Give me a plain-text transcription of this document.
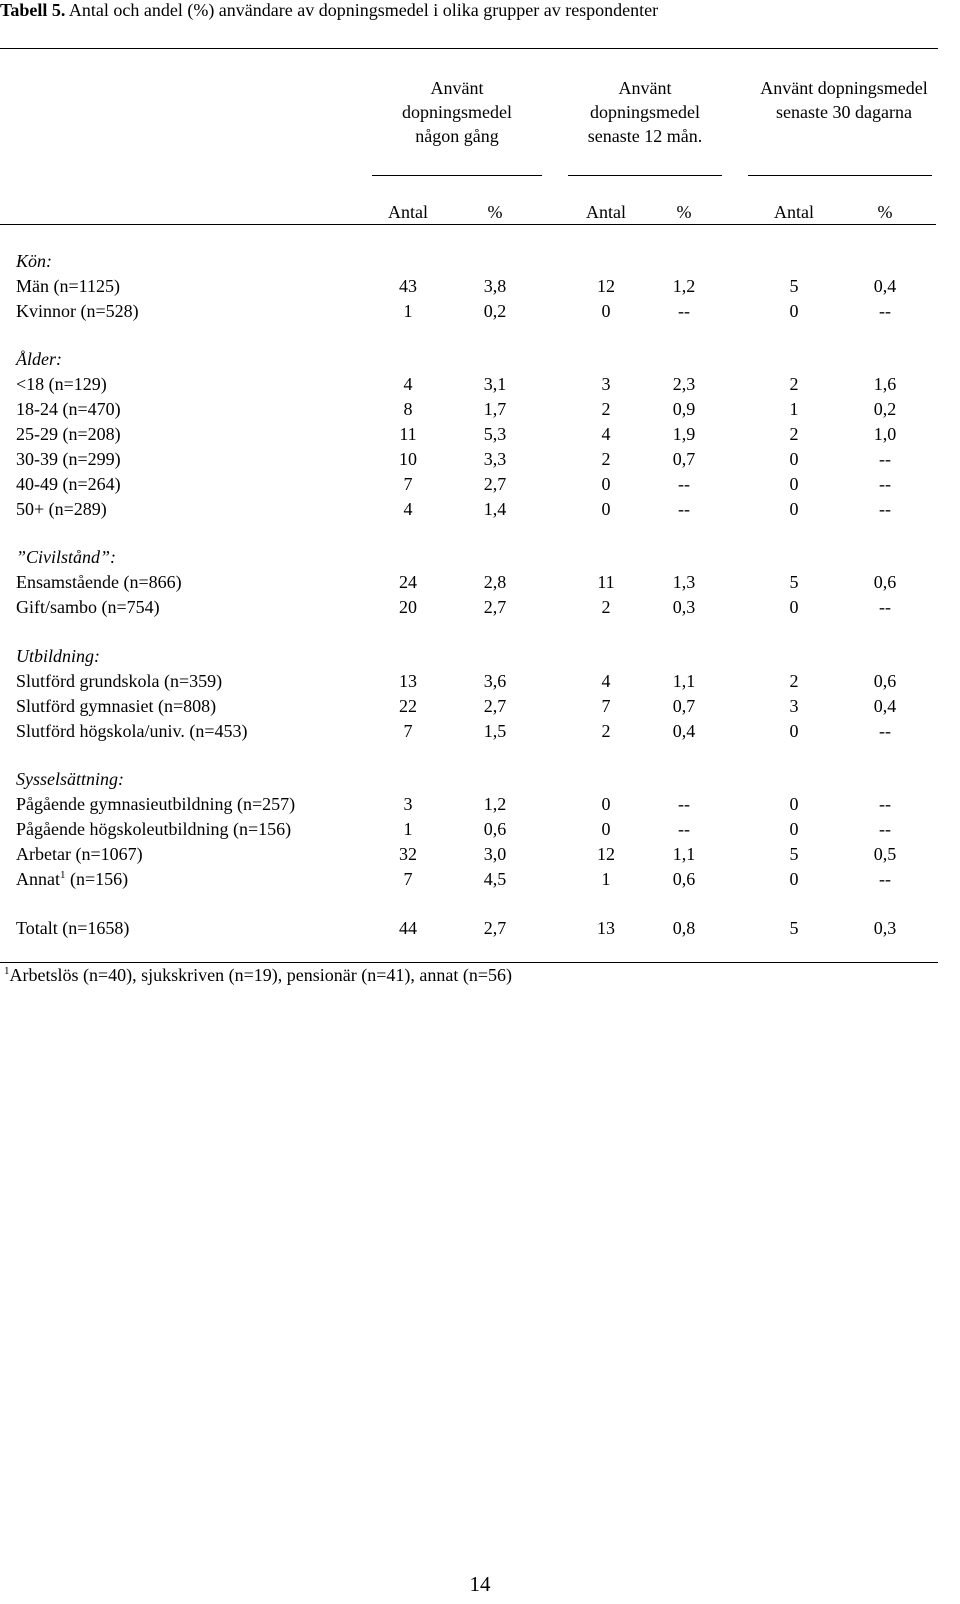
Tabell 5. Antal och andel (%) användare av dopningsmedel i olika grupper av respondenter
Använt dopningsmedel någon gång
Använt dopningsmedel senaste 12 mån.
Använt dopningsmedel senaste 30 dagarna
Antal	%	Antal	%	Antal	%
Kön:
Män (n=1125)	43	3,8	12	1,2	5	0,4
Kvinnor (n=528)	1	0,2	0	--	0	--
Ålder:
<18 (n=129)	4	3,1	3	2,3	2	1,6
18-24 (n=470)	8	1,7	2	0,9	1	0,2
25-29 (n=208)	11	5,3	4	1,9	2	1,0
30-39 (n=299)	10	3,3	2	0,7	0	--
40-49 (n=264)	7	2,7	0	--	0	--
50+ (n=289)	4	1,4	0	--	0	--
”Civilstånd”:
Ensamstående (n=866)	24	2,8	11	1,3	5	0,6
Gift/sambo (n=754)	20	2,7	2	0,3	0	--
Utbildning:
Slutförd grundskola (n=359)	13	3,6	4	1,1	2	0,6
Slutförd gymnasiet (n=808)	22	2,7	7	0,7	3	0,4
Slutförd högskola/univ. (n=453)	7	1,5	2	0,4	0	--
Sysselsättning:
Pågående gymnasieutbildning (n=257)	3	1,2	0	--	0	--
Pågående högskoleutbildning (n=156)	1	0,6	0	--	0	--
Arbetar (n=1067)	32	3,0	12	1,1	5	0,5
Annat$^1$ (n=156)	7	4,5	1	0,6	0	--
Totalt (n=1658)	44	2,7	13	0,8	5	0,3
$^1$Arbetslös (n=40), sjukskriven (n=19), pensionär (n=41), annat (n=56)
14
